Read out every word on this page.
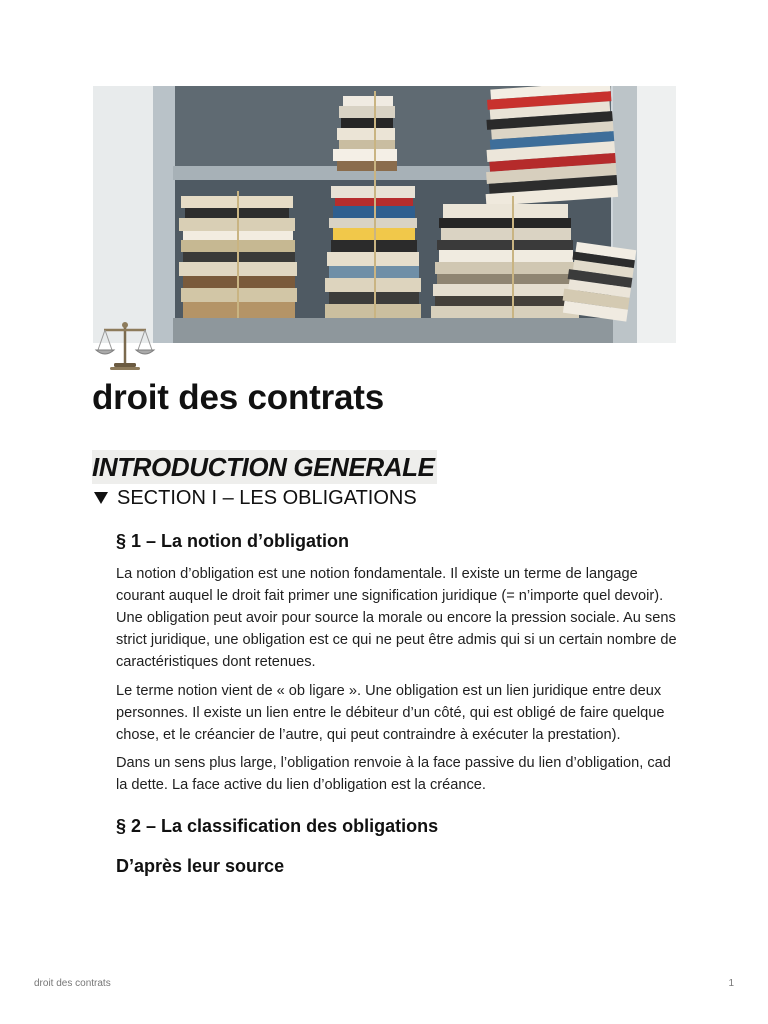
droit des contrats
INTRODUCTION GENERALE
SECTION I – LES OBLIGATIONS
§ 1 – La notion d’obligation

La notion d’obligation est une notion fondamentale. Il existe un terme de langage courant auquel le droit fait primer une signification juridique (= n’importe quel devoir). Une obligation peut avoir pour source la morale ou encore la pression sociale. Au sens strict juridique, une obligation est ce qui ne peut être admis qui si un certain nombre de caractéristiques dont retenues.

Le terme notion vient de « ob ligare ». Une obligation est un lien juridique entre deux personnes. Il existe un lien entre le débiteur d’un côté, qui est obligé de faire quelque chose, et le créancier de l’autre, qui peut contraindre à exécuter la prestation).

Dans un sens plus large, l’obligation renvoie à la face passive du lien d’obligation, cad la dette. La face active du lien d’obligation est la créance.

§ 2 – La classification des obligations
D’après leur source
droit des contrats	1
